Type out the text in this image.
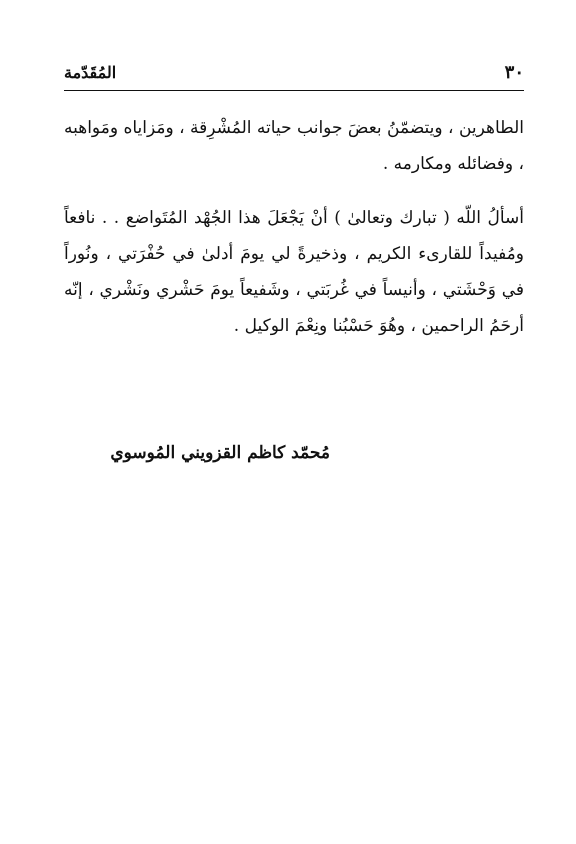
٣٠
المُقَدّمة

الطاهرين ، ويتضمّنُ بعضَ جوانب حياته المُشْرِقة ، ومَزاياه ومَواهبه ، وفضائله ومكارمه .

أسألُ اللّه ( تبارك وتعالىٰ ) أنْ يَجْعَلَ هذا الجُهْد المُتَواضع . . نافعاً ومُفيداً للقارىء الكريم ، وذخيرةً لي يومَ أدلىٰ في حُفْرَتي ، ونُوراً في وَحْشَتي ، وأنيساً في غُربَتي ، وشَفيعاً يومَ حَشْري ونَشْري ، إنّه أرحَمُ الراحمين ، وهُوَ حَسْبُنا ونِعْمَ الوكيل .

مُحمّد كاظم القزويني المُوسوي
